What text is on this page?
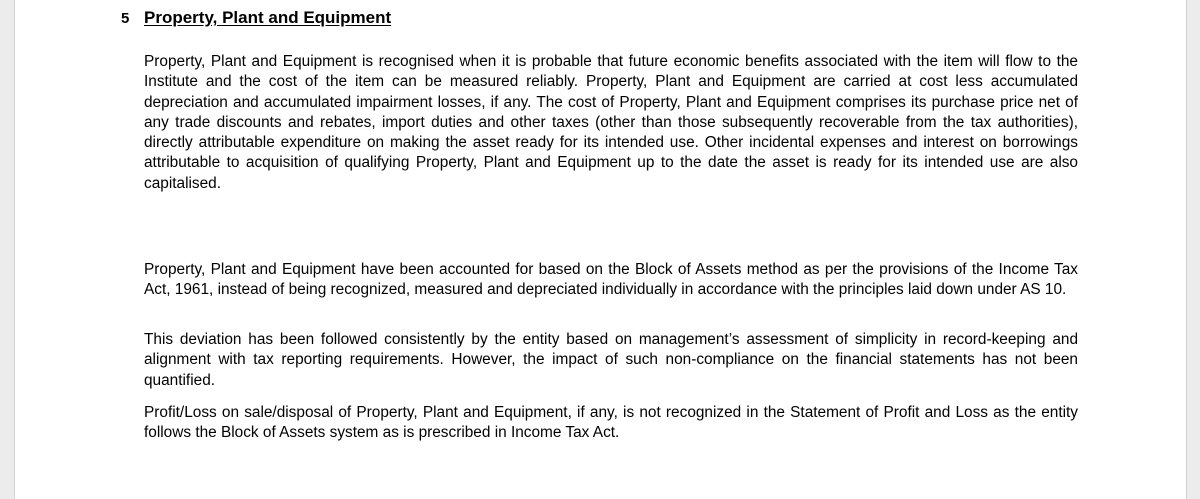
5 Property, Plant and Equipment

Property, Plant and Equipment is recognised when it is probable that future economic benefits associated with the item will flow to the Institute and the cost of the item can be measured reliably. Property, Plant and Equipment are carried at cost less accumulated depreciation and accumulated impairment losses, if any. The cost of Property, Plant and Equipment comprises its purchase price net of any trade discounts and rebates, import duties and other taxes (other than those subsequently recoverable from the tax authorities), directly attributable expenditure on making the asset ready for its intended use. Other incidental expenses and interest on borrowings attributable to acquisition of qualifying Property, Plant and Equipment up to the date the asset is ready for its intended use are also capitalised.

Property, Plant and Equipment have been accounted for based on the Block of Assets method as per the provisions of the Income Tax Act, 1961, instead of being recognized, measured and depreciated individually in accordance with the principles laid down under AS 10.

This deviation has been followed consistently by the entity based on management’s assessment of simplicity in record-keeping and alignment with tax reporting requirements. However, the impact of such non-compliance on the financial statements has not been quantified.

Profit/Loss on sale/disposal of Property, Plant and Equipment, if any, is not recognized in the Statement of Profit and Loss as the entity follows the Block of Assets system as is prescribed in Income Tax Act.
